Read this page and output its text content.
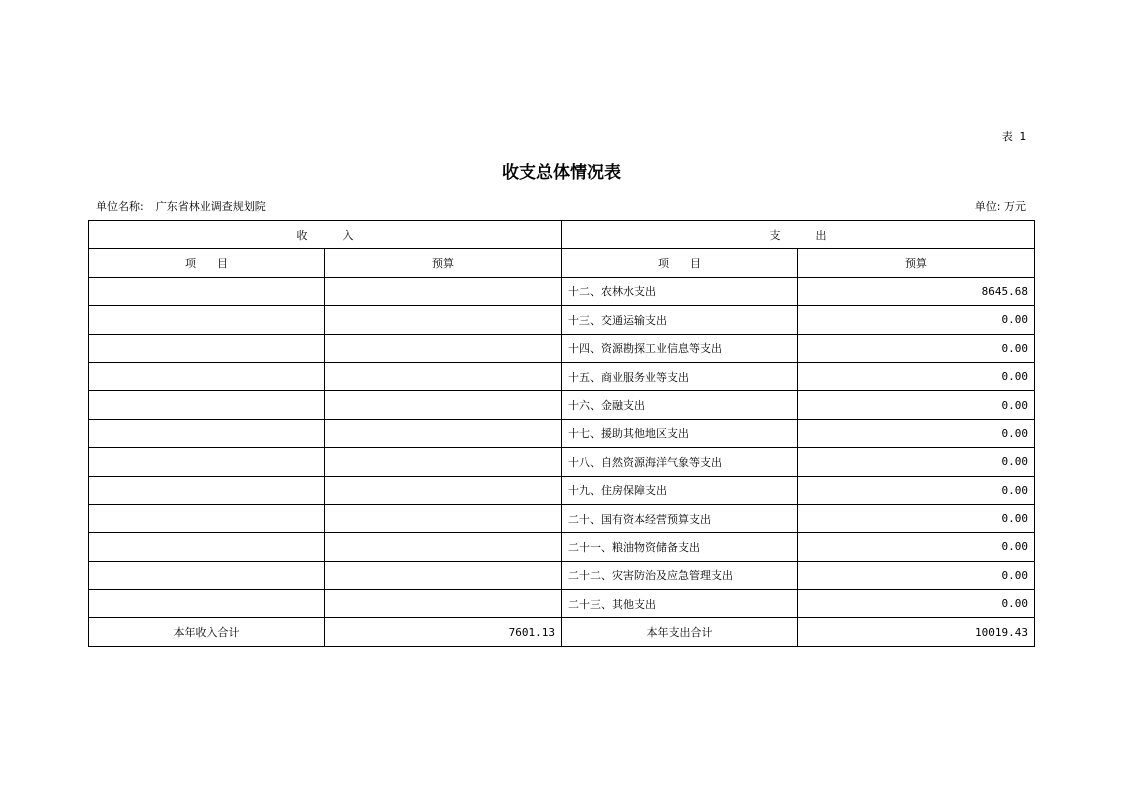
表 1
收支总体情况表
单位名称: 广东省林业调查规划院	单位: 万元
收          入		支          出	
项      目	预算	项      目	预算
		十二、农林水支出	8645.68
		十三、交通运输支出	0.00
		十四、资源勘探工业信息等支出	0.00
		十五、商业服务业等支出	0.00
		十六、金融支出	0.00
		十七、援助其他地区支出	0.00
		十八、自然资源海洋气象等支出	0.00
		十九、住房保障支出	0.00
		二十、国有资本经营预算支出	0.00
		二十一、粮油物资储备支出	0.00
		二十二、灾害防治及应急管理支出	0.00
		二十三、其他支出	0.00
本年收入合计	7601.13	本年支出合计	10019.43
